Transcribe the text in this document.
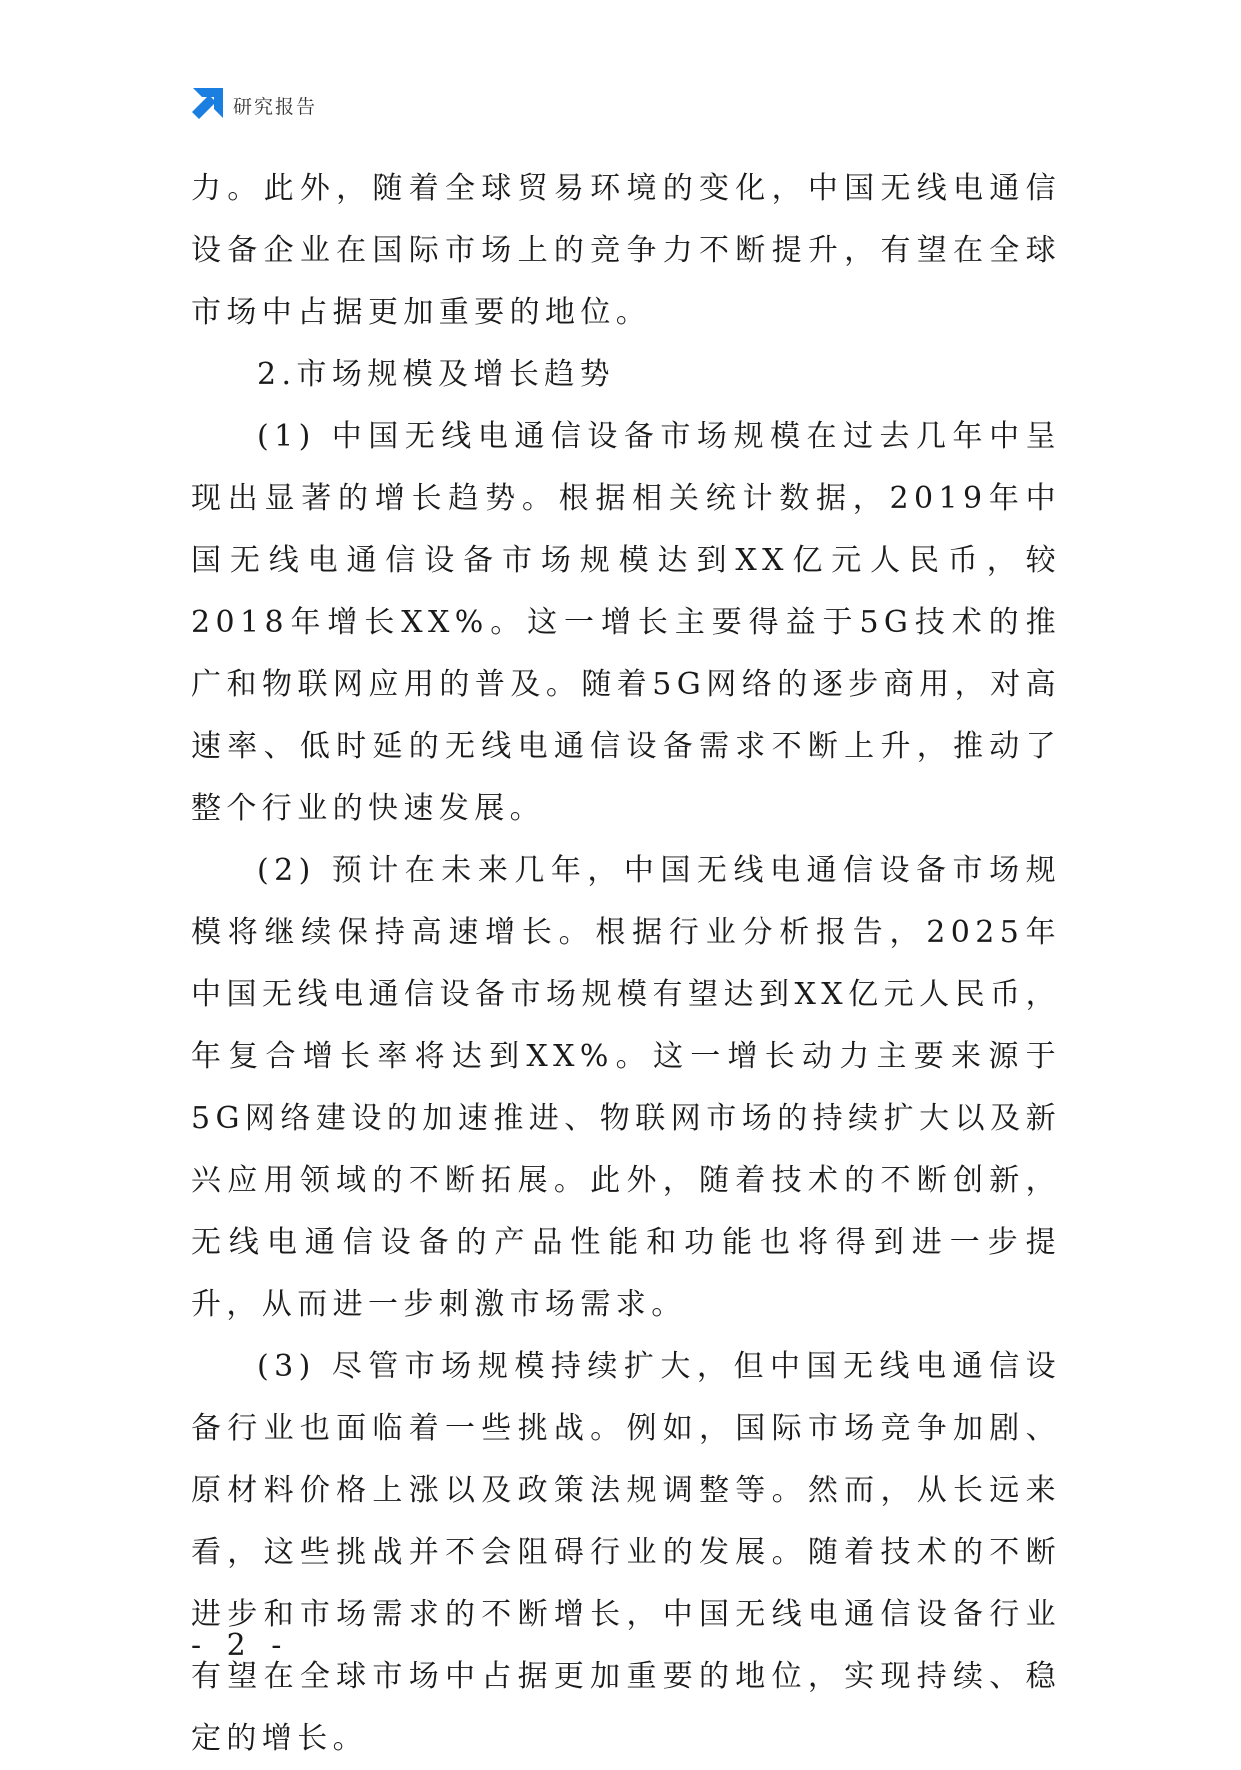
研究报告

力。此外，随着全球贸易环境的变化，中国无线电通信设备企业在国际市场上的竞争力不断提升，有望在全球市场中占据更加重要的地位。

2.市场规模及增长趋势

(1) 中国无线电通信设备市场规模在过去几年中呈现出显著的增长趋势。根据相关统计数据，2019年中国无线电通信设备市场规模达到XX亿元人民币，较2018年增长XX%。这一增长主要得益于5G技术的推广和物联网应用的普及。随着5G网络的逐步商用，对高速率、低时延的无线电通信设备需求不断上升，推动了整个行业的快速发展。

(2) 预计在未来几年，中国无线电通信设备市场规模将继续保持高速增长。根据行业分析报告，2025年中国无线电通信设备市场规模有望达到XX亿元人民币，年复合增长率将达到XX%。这一增长动力主要来源于5G网络建设的加速推进、物联网市场的持续扩大以及新兴应用领域的不断拓展。此外，随着技术的不断创新，无线电通信设备的产品性能和功能也将得到进一步提升，从而进一步刺激市场需求。

(3) 尽管市场规模持续扩大，但中国无线电通信设备行业也面临着一些挑战。例如，国际市场竞争加剧、原材料价格上涨以及政策法规调整等。然而，从长远来看，这些挑战并不会阻碍行业的发展。随着技术的不断进步和市场需求的不断增长，中国无线电通信设备行业有望在全球市场中占据更加重要的地位，实现持续、稳定的增长。

- 2 -
